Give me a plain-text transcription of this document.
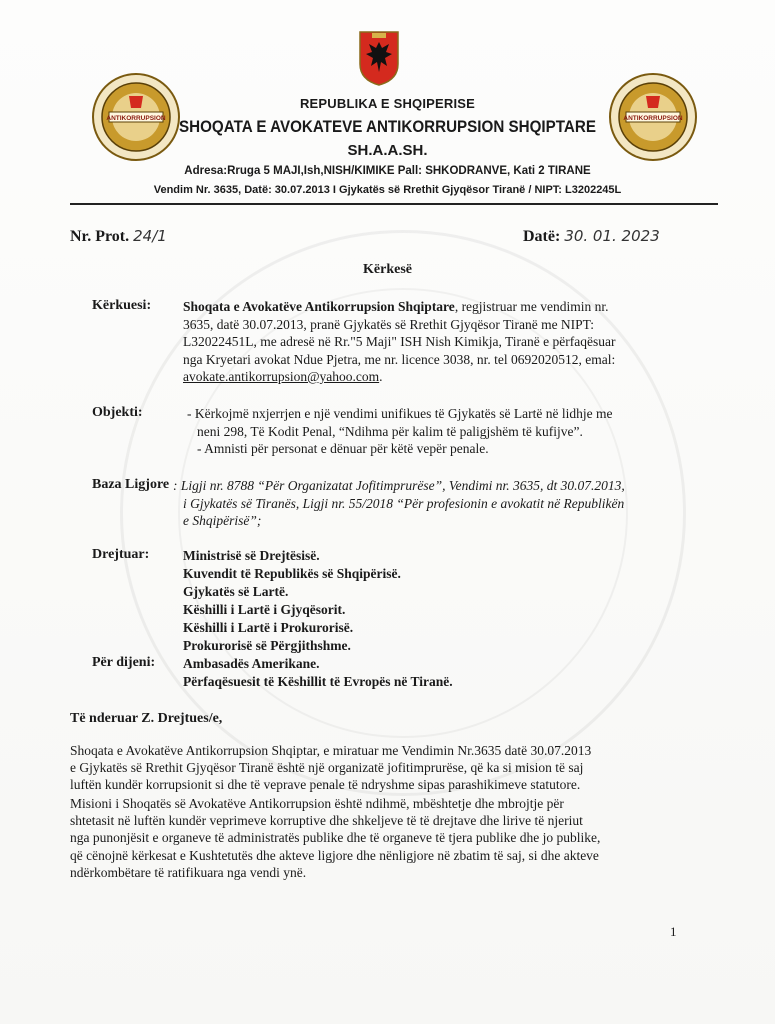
ANTIKORRUPSION	ANTIKORRUPSION
REPUBLIKA E SHQIPERISE
SHOQATA E AVOKATEVE ANTIKORRUPSION SHQIPTARE
SH.A.A.SH.
Adresa:Rruga 5 MAJI,Ish,NISH/KIMIKE Pall: SHKODRANVE, Kati 2 TIRANE
Vendim Nr. 3635, Datë: 30.07.2013 I Gjykatës së Rrethit Gjyqësor Tiranë / NIPT: L3202245L
Nr. Prot. 24/1	Datë: 30. 01. 2023
Kërkesë
Kërkuesi: Shoqata e Avokatëve Antikorrupsion Shqiptare, regjistruar me vendimin nr.
3635, datë 30.07.2013, pranë Gjykatës së Rrethit Gjyqësor Tiranë me NIPT:
L32022451L, me adresë në Rr."5 Maji" ISH Nish Kimikja, Tiranë e përfaqësuar
nga Kryetari avokat Ndue Pjetra, me nr. licence 3038, nr. tel 0692020512, emal:
avokate.antikorrupsion@yahoo.com.
Objekti:	- Kërkojmë nxjerrjen e një vendimi unifikues të Gjykatës së Lartë në lidhje me
neni 298, Të Kodit Penal, “Ndihma për kalim të paligjshëm të kufijve”.
- Amnisti për personat e dënuar për këtë vepër penale.
Baza Ligjore : Ligji nr. 8788 “Për Organizatat Jofitimprurëse”, Vendimi nr. 3635, dt 30.07.2013,
i Gjykatës së Tiranës, Ligji nr. 55/2018 “Për profesionin e avokatit në Republikën
e Shqipërisë”;
Drejtuar: Ministrisë së Drejtësisë.
Kuvendit të Republikës së Shqipërisë.
Gjykatës së Lartë.
Këshilli i Lartë i Gjyqësorit.
Këshilli i Lartë i Prokurorisë.
Prokurorisë së Përgjithshme.
Për dijeni: Ambasadës Amerikane.
Përfaqësuesit të Këshillit të Evropës në Tiranë.
Të nderuar Z. Drejtues/e,
Shoqata e Avokatëve Antikorrupsion Shqiptar, e miratuar me Vendimin Nr.3635 datë 30.07.2013
e Gjykatës së Rrethit Gjyqësor Tiranë është një organizatë jofitimprurëse, që ka si mision të saj
luftën kundër korrupsionit si dhe të veprave penale të ndryshme sipas parashikimeve statutore.
Misioni i Shoqatës së Avokatëve Antikorrupsion është ndihmë, mbështetje dhe mbrojtje për
shtetasit në luftën kundër veprimeve korruptive dhe shkeljeve të të drejtave dhe lirive të njeriut
nga punonjësit e organeve të administratës publike dhe të organeve të tjera publike dhe jo publike,
që cënojnë kërkesat e Kushtetutës dhe akteve ligjore dhe nënligjore në zbatim të saj, si dhe akteve
ndërkombëtare të ratifikuara nga vendi ynë.
1
